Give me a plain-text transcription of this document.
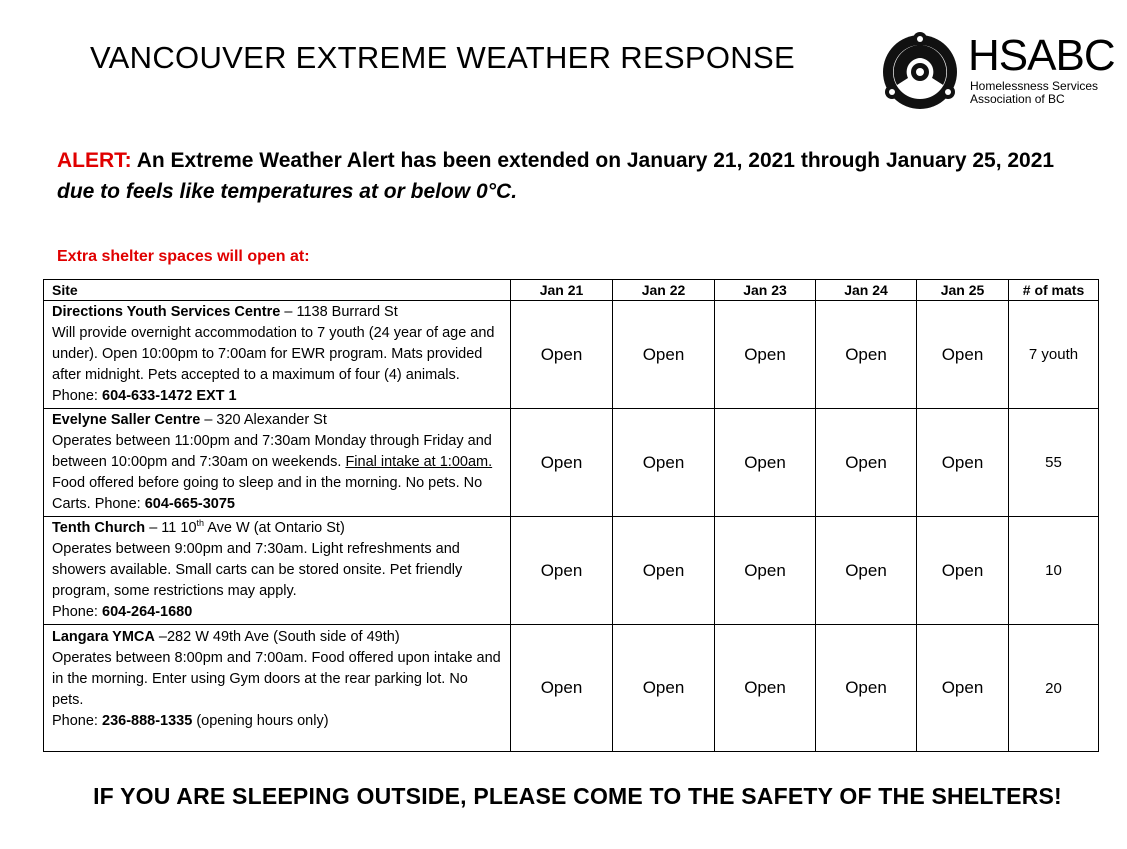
VANCOUVER EXTREME WEATHER RESPONSE	HSABC
Homelessness Services
Association of BC
ALERT: An Extreme Weather Alert has been extended on January 21, 2021 through January 25, 2021 due to feels like temperatures at or below 0°C.
Extra shelter spaces will open at:
Site	Jan 21	Jan 22	Jan 23	Jan 24	Jan 25	# of mats
Directions Youth Services Centre – 1138 Burrard St
Will provide overnight accommodation to 7 youth (24 year of age and under). Open 10:00pm to 7:00am for EWR program. Mats provided after midnight. Pets accepted to a maximum of four (4) animals. Phone: 604-633-1472 EXT 1	Open	Open	Open	Open	Open	7 youth
Evelyne Saller Centre – 320 Alexander St
Operates between 11:00pm and 7:30am Monday through Friday and between 10:00pm and 7:30am on weekends. Final intake at 1:00am. Food offered before going to sleep and in the morning. No pets. No Carts. Phone: 604-665-3075	Open	Open	Open	Open	Open	55
Tenth Church – 11 10th Ave W (at Ontario St)
Operates between 9:00pm and 7:30am. Light refreshments and showers available. Small carts can be stored onsite. Pet friendly program, some restrictions may apply.
Phone: 604-264-1680	Open	Open	Open	Open	Open	10
Langara YMCA –282 W 49th Ave (South side of 49th)
Operates between 8:00pm and 7:00am. Food offered upon intake and in the morning. Enter using Gym doors at the rear parking lot. No pets.
Phone: 236-888-1335 (opening hours only)	Open	Open	Open	Open	Open	20
IF YOU ARE SLEEPING OUTSIDE, PLEASE COME TO THE SAFETY OF THE SHELTERS!
